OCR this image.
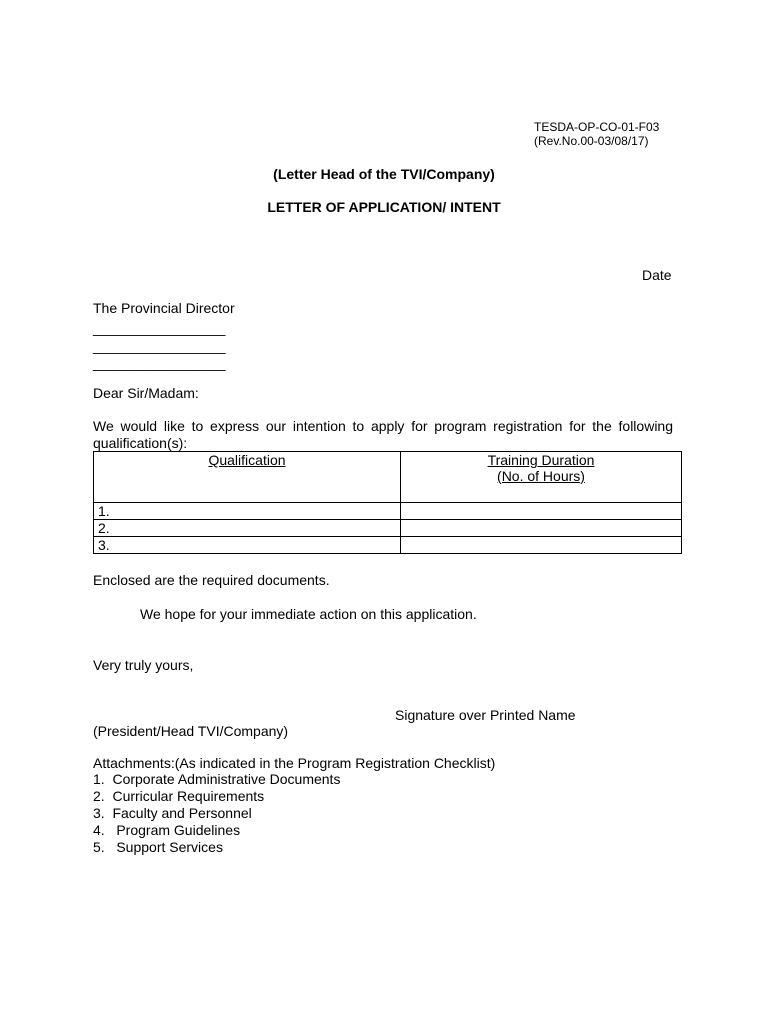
TESDA-OP-CO-01-F03
(Rev.No.00-03/08/17)
(Letter Head of the TVI/Company)
LETTER OF APPLICATION/ INTENT
Date
The Provincial Director
_________________
_________________
_________________
Dear Sir/Madam:
We would like to express our intention to apply for program registration for the following qualification(s):
Qualification	Training Duration
(No. of Hours)

1.	
2.	
3.	
Enclosed are the required documents.
We hope for your immediate action on this application.
Very truly yours,
Signature over Printed Name
(President/Head TVI/Company)
Attachments:(As indicated in the Program Registration Checklist)
1.  Corporate Administrative Documents
2.  Curricular Requirements
3.  Faculty and Personnel
4.   Program Guidelines
5.   Support Services
